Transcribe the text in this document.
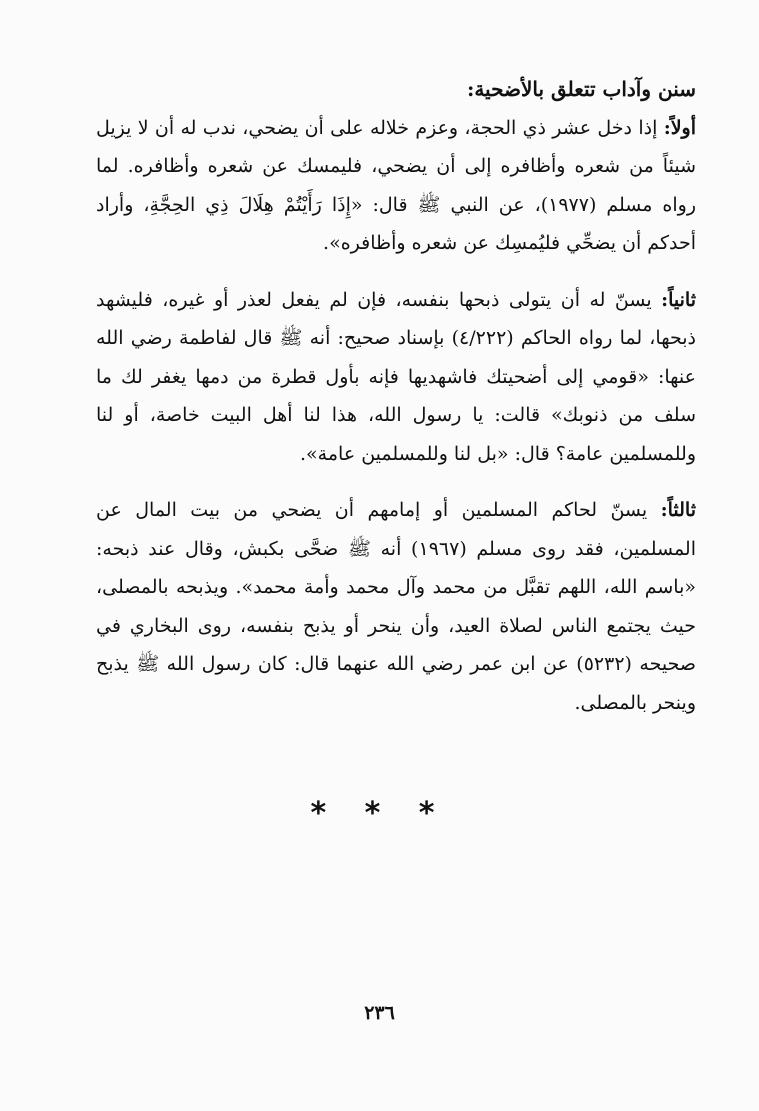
سنن وآداب تتعلق بالأضحية:

أولاً: إذا دخل عشر ذي الحجة، وعزم خلاله على أن يضحي، ندب له أن لا يزيل شيئاً من شعره وأظافره إلى أن يضحي، فليمسك عن شعره وأظافره. لما رواه مسلم (١٩٧٧)، عن النبي ﷺ قال: «إِذَا رَأَيْتُمْ هِلَالَ ذِي الحِجَّةِ، وأراد أحدكم أن يضحِّي فليُمسِك عن شعره وأظافره».

ثانياً: يسنّ له أن يتولى ذبحها بنفسه، فإن لم يفعل لعذر أو غيره، فليشهد ذبحها، لما رواه الحاكم (٤/٢٢٢) بإسناد صحيح: أنه ﷺ قال لفاطمة رضي الله عنها: «قومي إلى أضحيتك فاشهديها فإنه بأول قطرة من دمها يغفر لك ما سلف من ذنوبك» قالت: يا رسول الله، هذا لنا أهل البيت خاصة، أو لنا وللمسلمين عامة؟ قال: «بل لنا وللمسلمين عامة».

ثالثاً: يسنّ لحاكم المسلمين أو إمامهم أن يضحي من بيت المال عن المسلمين، فقد روى مسلم (١٩٦٧) أنه ﷺ ضحَّى بكبش، وقال عند ذبحه: «باسم الله، اللهم تقبَّل من محمد وآل محمد وأمة محمد». ويذبحه بالمصلى، حيث يجتمع الناس لصلاة العيد، وأن ينحر أو يذبح بنفسه، روى البخاري في صحيحه (٥٢٣٢) عن ابن عمر رضي الله عنهما قال: كان رسول الله ﷺ يذبح وينحر بالمصلى.

* * *
٢٣٦
